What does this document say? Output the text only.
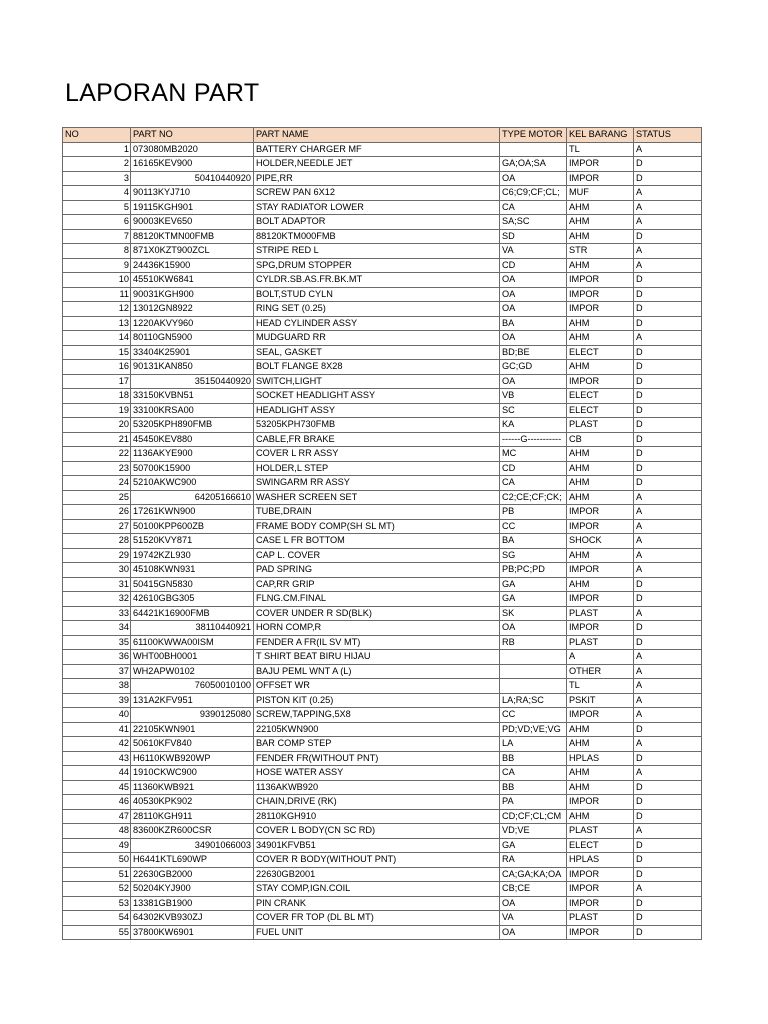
LAPORAN PART
NO	PART NO	PART NAME	TYPE MOTOR	KEL BARANG	STATUS
1	073080MB2020	BATTERY CHARGER MF		TL	A
2	16165KEV900	HOLDER,NEEDLE JET	GA;OA;SA	IMPOR	D
3	50410440920	PIPE,RR	OA	IMPOR	D
4	90113KYJ710	SCREW PAN 6X12	C6;C9;CF;CL;	MUF	A
5	19115KGH901	STAY RADIATOR LOWER	CA	AHM	A
6	90003KEV650	BOLT ADAPTOR	SA;SC	AHM	A
7	88120KTMN00FMB	88120KTM000FMB	SD	AHM	D
8	871X0KZT900ZCL	STRIPE RED L	VA	STR	A
9	24436K15900	SPG,DRUM STOPPER	CD	AHM	A
10	45510KW6841	CYLDR.SB.AS.FR.BK.MT	OA	IMPOR	D
11	90031KGH900	BOLT,STUD CYLN	OA	IMPOR	D
12	13012GN8922	RING SET (0.25)	OA	IMPOR	D
13	1220AKVY960	HEAD CYLINDER ASSY	BA	AHM	D
14	80110GN5900	MUDGUARD RR	OA	AHM	A
15	33404K25901	SEAL, GASKET	BD;BE	ELECT	D
16	90131KAN850	BOLT FLANGE 8X28	GC;GD	AHM	D
17	35150440920	SWITCH,LIGHT	OA	IMPOR	D
18	33150KVBN51	SOCKET HEADLIGHT ASSY	VB	ELECT	D
19	33100KRSA00	HEADLIGHT ASSY	SC	ELECT	D
20	53205KPH890FMB	53205KPH730FMB	KA	PLAST	D
21	45450KEV880	CABLE,FR BRAKE	------G-----------	CB	D
22	1136AKYE900	COVER L RR ASSY	MC	AHM	D
23	50700K15900	HOLDER,L STEP	CD	AHM	D
24	5210AKWC900	SWINGARM RR ASSY	CA	AHM	D
25	64205166610	WASHER SCREEN SET	C2;CE;CF;CK;	AHM	A
26	17261KWN900	TUBE,DRAIN	PB	IMPOR	A
27	50100KPP600ZB	FRAME BODY COMP(SH SL MT)	CC	IMPOR	A
28	51520KVY871	CASE L FR BOTTOM	BA	SHOCK	A
29	19742KZL930	CAP L. COVER	SG	AHM	A
30	45108KWN931	PAD SPRING	PB;PC;PD	IMPOR	A
31	50415GN5830	CAP,RR GRIP	GA	AHM	D
32	42610GBG305	FLNG.CM.FINAL	GA	IMPOR	D
33	64421K16900FMB	COVER UNDER R SD(BLK)	SK	PLAST	A
34	38110440921	HORN COMP,R	OA	IMPOR	D
35	61100KWWA00ISM	FENDER A FR(IL SV MT)	RB	PLAST	D
36	WHT00BH0001	T SHIRT BEAT BIRU HIJAU		A	A
37	WH2APW0102	BAJU PEML WNT A (L)		OTHER	A
38	76050010100	OFFSET WR		TL	A
39	131A2KFV951	PISTON KIT (0.25)	LA;RA;SC	PSKIT	A
40	9390125080	SCREW,TAPPING,5X8	CC	IMPOR	A
41	22105KWN901	22105KWN900	PD;VD;VE;VG	AHM	D
42	50610KFV840	BAR COMP STEP	LA	AHM	A
43	H6110KWB920WP	FENDER FR(WITHOUT PNT)	BB	HPLAS	D
44	1910CKWC900	HOSE WATER ASSY	CA	AHM	A
45	11360KWB921	1136AKWB920	BB	AHM	D
46	40530KPK902	CHAIN,DRIVE (RK)	PA	IMPOR	D
47	28110KGH911	28110KGH910	CD;CF;CL;CM	AHM	D
48	83600KZR600CSR	COVER L BODY(CN SC RD)	VD;VE	PLAST	A
49	34901066003	34901KFVB51	GA	ELECT	D
50	H6441KTL690WP	COVER R BODY(WITHOUT PNT)	RA	HPLAS	D
51	22630GB2000	22630GB2001	CA;GA;KA;OA	IMPOR	D
52	50204KYJ900	STAY COMP,IGN.COIL	CB;CE	IMPOR	A
53	13381GB1900	PIN CRANK	OA	IMPOR	D
54	64302KVB930ZJ	COVER FR TOP (DL BL MT)	VA	PLAST	D
55	37800KW6901	FUEL UNIT	OA	IMPOR	D
